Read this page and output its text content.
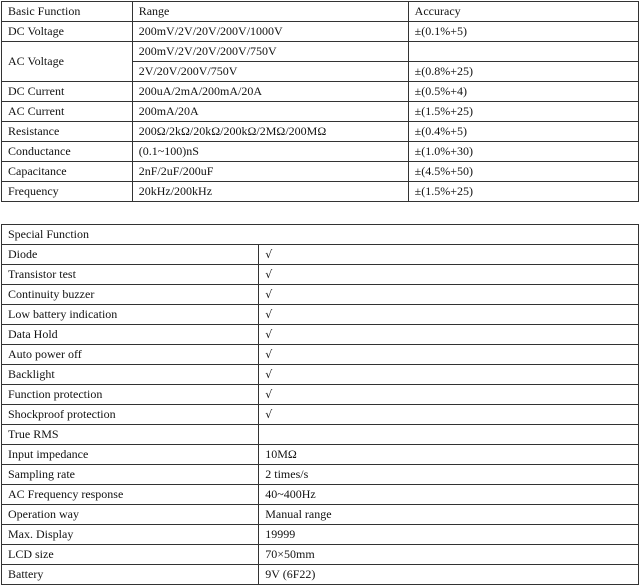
Basic Function	Range	Accuracy
DC Voltage	200mV/2V/20V/200V/1000V	±(0.1%+5)
AC Voltage	200mV/2V/20V/200V/750V	
	2V/20V/200V/750V	±(0.8%+25)
DC Current	200uA/2mA/200mA/20A	±(0.5%+4)
AC Current	200mA/20A	±(1.5%+25)
Resistance	200Ω/2kΩ/20kΩ/200kΩ/2MΩ/200MΩ	±(0.4%+5)
Conductance	(0.1~100)nS	±(1.0%+30)
Capacitance	2nF/2uF/200uF	±(4.5%+50)
Frequency	20kHz/200kHz	±(1.5%+25)
Special Function	
Diode	√
Transistor test	√
Continuity buzzer	√
Low battery indication	√
Data Hold	√
Auto power off	√
Backlight	√
Function protection	√
Shockproof protection	√
True RMS	
Input impedance	10MΩ
Sampling rate	2 times/s
AC Frequency response	40~400Hz
Operation way	Manual range
Max. Display	19999
LCD size	70×50mm
Battery	9V (6F22)
